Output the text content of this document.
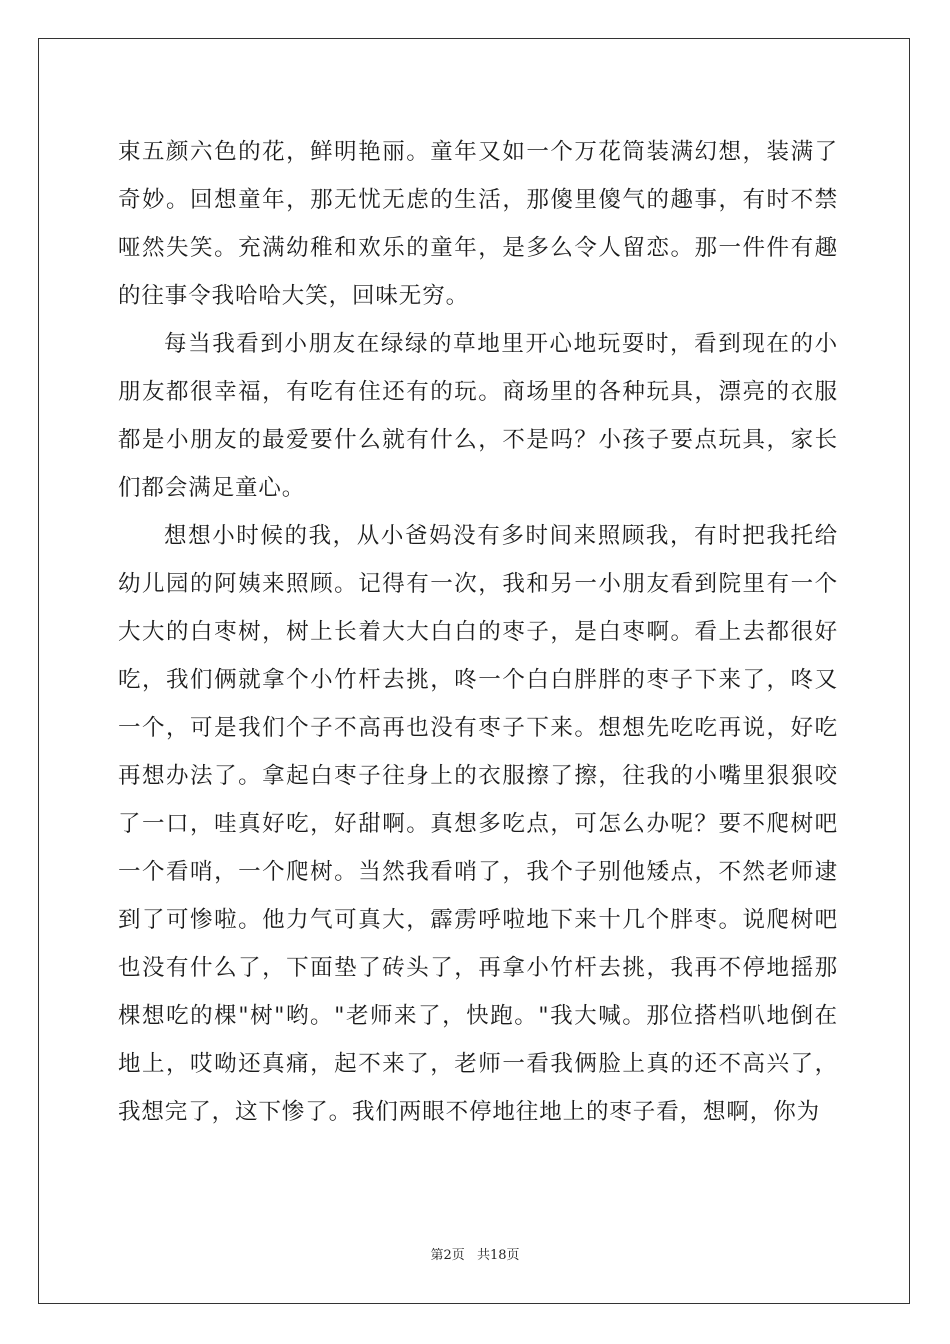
束五颜六色的花，鲜明艳丽。童年又如一个万花筒装满幻想，装满了奇妙。回想童年，那无忧无虑的生活，那傻里傻气的趣事，有时不禁哑然失笑。充满幼稚和欢乐的童年，是多么令人留恋。那一件件有趣的往事令我哈哈大笑，回味无穷。

每当我看到小朋友在绿绿的草地里开心地玩耍时，看到现在的小朋友都很幸福，有吃有住还有的玩。商场里的各种玩具，漂亮的衣服都是小朋友的最爱要什么就有什么，不是吗？小孩子要点玩具，家长们都会满足童心。

想想小时候的我，从小爸妈没有多时间来照顾我，有时把我托给幼儿园的阿姨来照顾。记得有一次，我和另一小朋友看到院里有一个大大的白枣树，树上长着大大白白的枣子，是白枣啊。看上去都很好吃，我们俩就拿个小竹杆去挑，咚一个白白胖胖的枣子下来了，咚又一个，可是我们个子不高再也没有枣子下来。想想先吃吃再说，好吃再想办法了。拿起白枣子往身上的衣服擦了擦，往我的小嘴里狠狠咬了一口，哇真好吃，好甜啊。真想多吃点，可怎么办呢？要不爬树吧一个看哨，一个爬树。当然我看哨了，我个子别他矮点，不然老师逮到了可惨啦。他力气可真大，霹雳呼啦地下来十几个胖枣。说爬树吧也没有什么了，下面垫了砖头了，再拿小竹杆去挑，我再不停地摇那棵想吃的棵"树"哟。"老师来了，快跑。"我大喊。那位搭档叭地倒在地上，哎呦还真痛，起不来了，老师一看我俩脸上真的还不高兴了，我想完了，这下惨了。我们两眼不停地往地上的枣子看，想啊，你为

第2页 共18页
